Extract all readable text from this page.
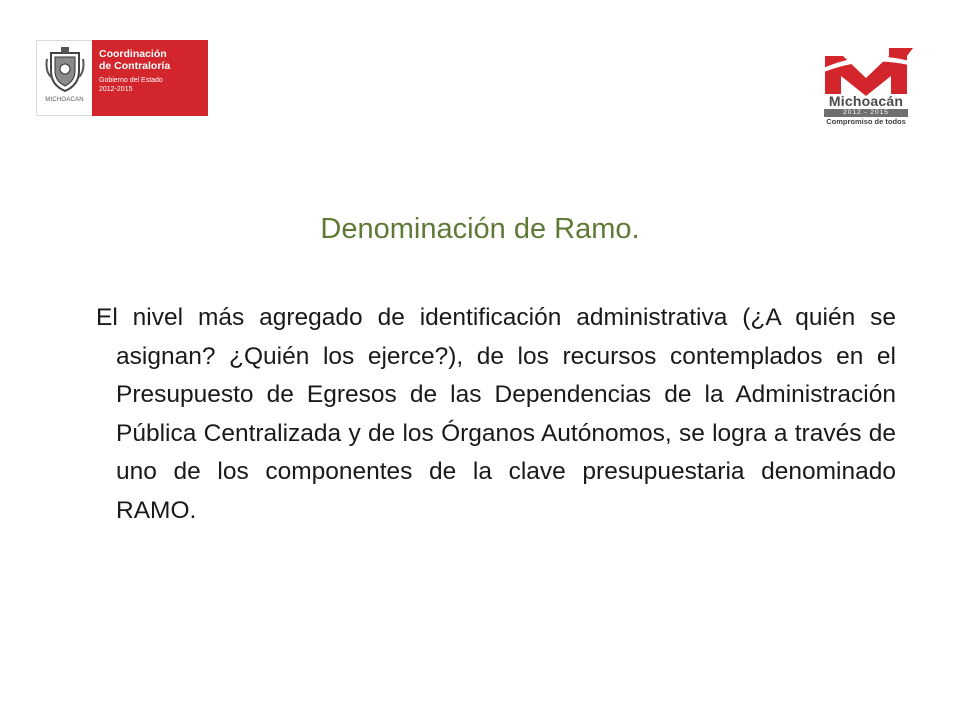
MICHOACAN
Coordinación
de Contraloría
Gobierno del Estado
2012-2015
Michoacán
2012 - 2015
Compromiso de todos
Denominación de Ramo.

El nivel más agregado de identificación administrativa (¿A quién se asignan? ¿Quién los ejerce?), de los recursos contemplados en el Presupuesto de Egresos de las Dependencias de la Administración Pública Centralizada y de los Órganos Autónomos, se logra a través de uno de los componentes de la clave presupuestaria denominado RAMO.
